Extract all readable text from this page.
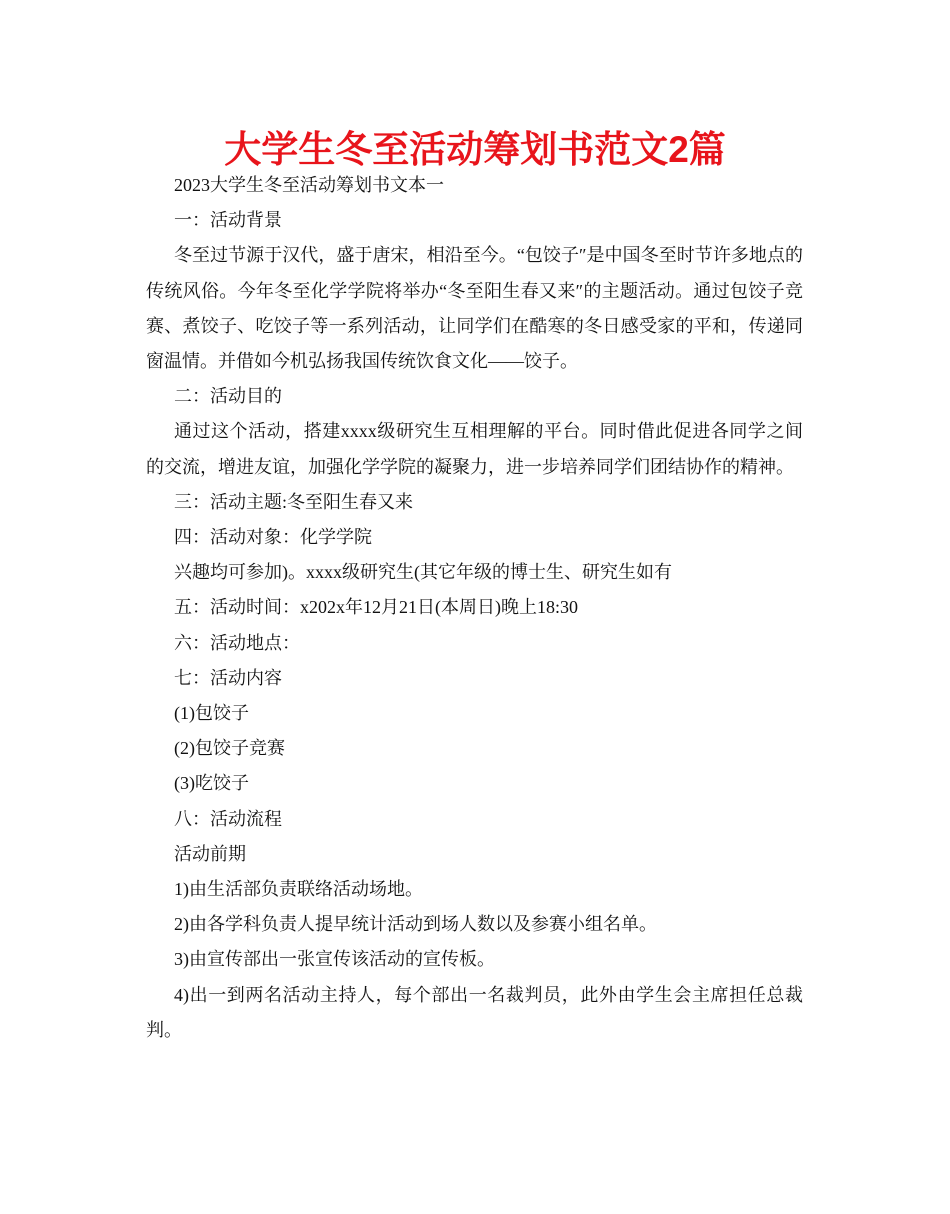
大学生冬至活动筹划书范文2篇

2023大学生冬至活动筹划书文本一

一：活动背景

冬至过节源于汉代，盛于唐宋，相沿至今。“包饺子″是中国冬至时节许多地点的传统风俗。今年冬至化学学院将举办“冬至阳生春又来″的主题活动。通过包饺子竞赛、煮饺子、吃饺子等一系列活动，让同学们在酷寒的冬日感受家的平和，传递同窗温情。并借如今机弘扬我国传统饮食文化——饺子。

二：活动目的

通过这个活动，搭建xxxx级研究生互相理解的平台。同时借此促进各同学之间的交流，增进友谊，加强化学学院的凝聚力，进一步培养同学们团结协作的精神。

三：活动主题:冬至阳生春又来

四：活动对象：化学学院

兴趣均可参加)。xxxx级研究生(其它年级的博士生、研究生如有

五：活动时间：x202x年12月21日(本周日)晚上18:30

六：活动地点：

七：活动内容

(1)包饺子

(2)包饺子竞赛

(3)吃饺子

八：活动流程

活动前期

1)由生活部负责联络活动场地。

2)由各学科负责人提早统计活动到场人数以及参赛小组名单。

3)由宣传部出一张宣传该活动的宣传板。

4)出一到两名活动主持人，每个部出一名裁判员，此外由学生会主席担任总裁判。
